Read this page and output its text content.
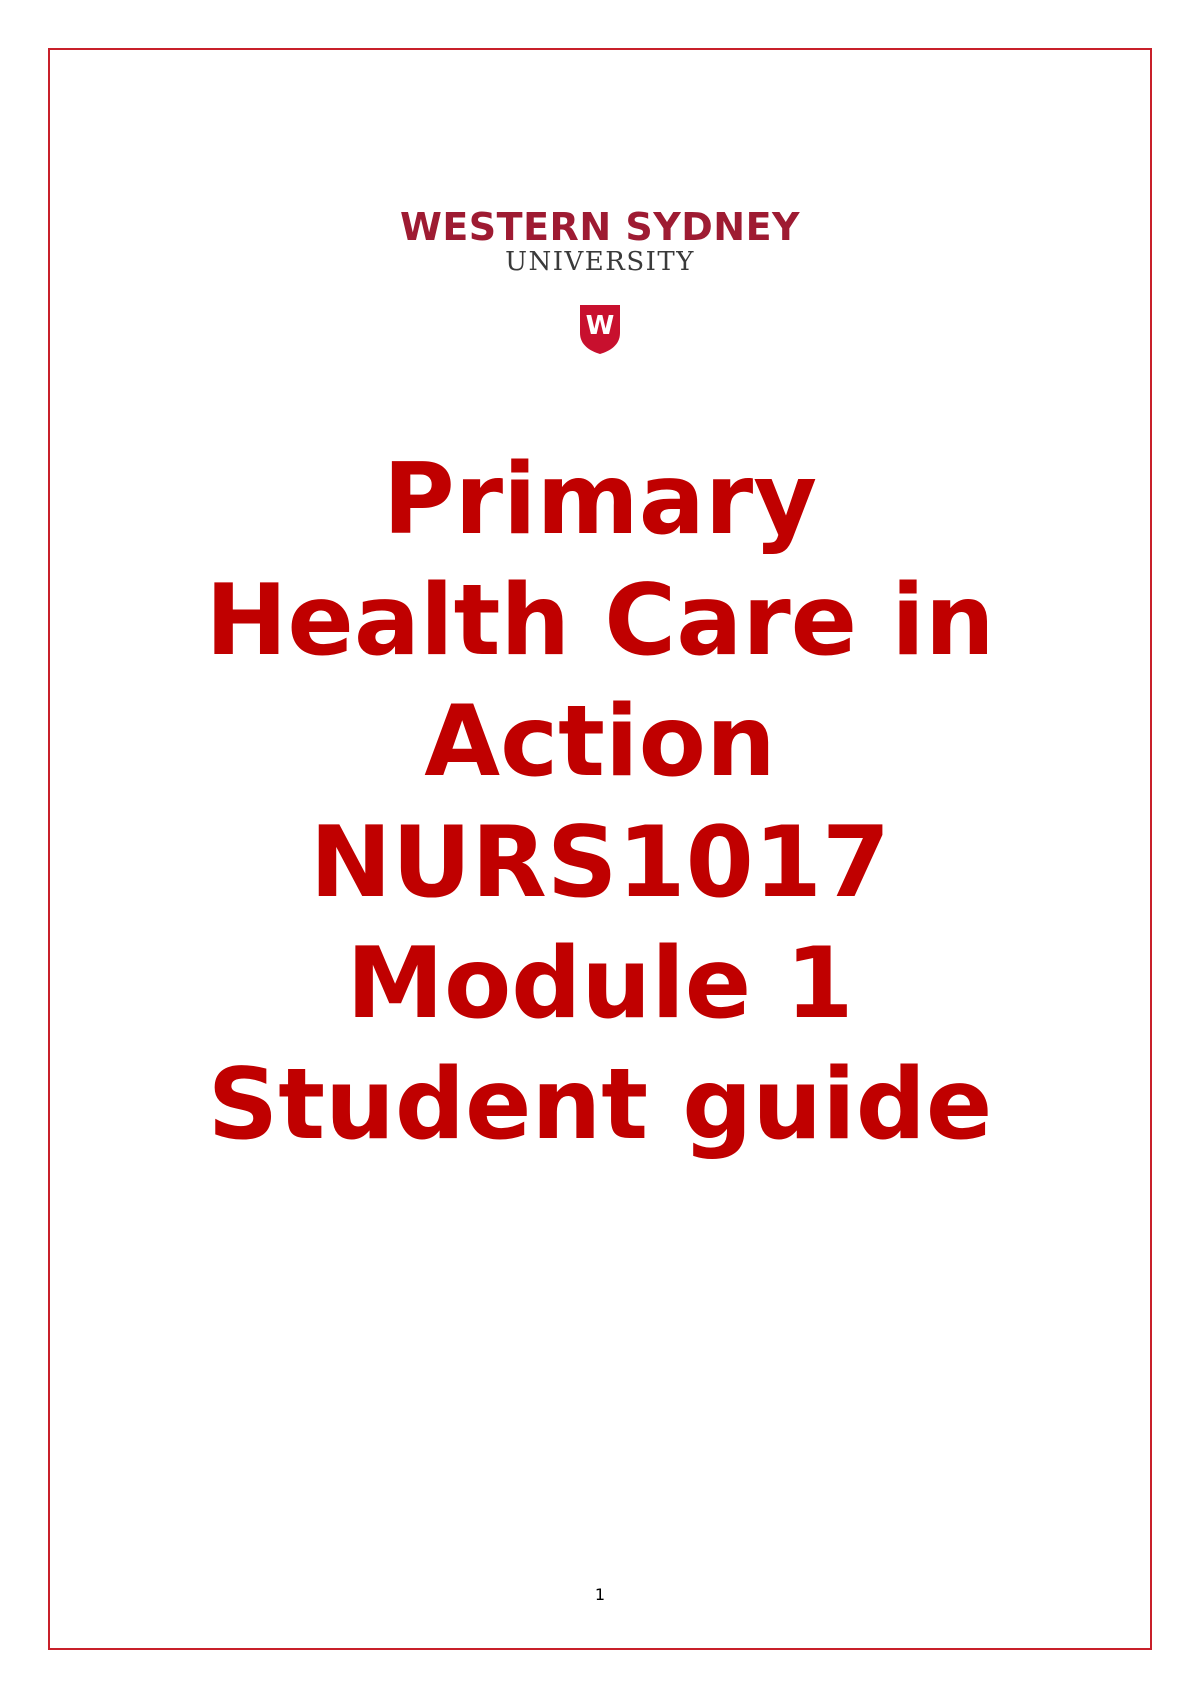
WESTERN SYDNEY
UNIVERSITY
W
Primary
Health Care in
Action
NURS1017
Module 1
Student guide
1
